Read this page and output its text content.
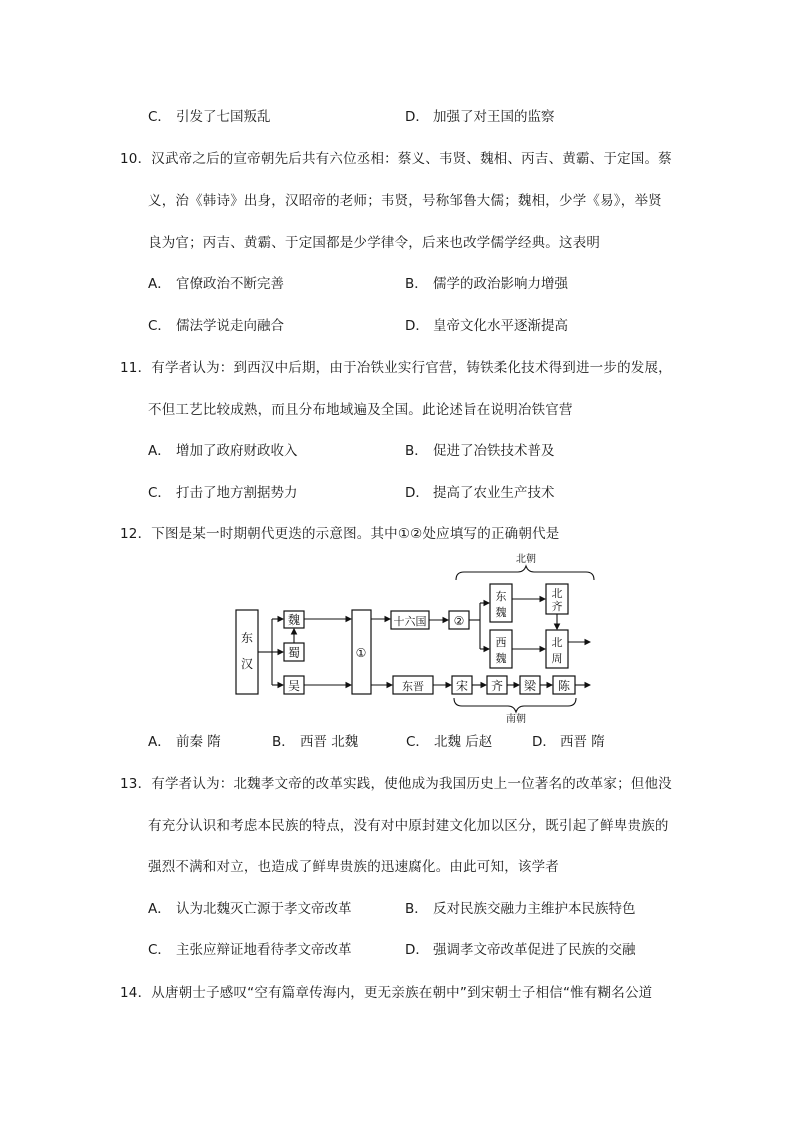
C． 引发了七国叛乱	D． 加强了对王国的监察
10．汉武帝之后的宣帝朝先后共有六位丞相：蔡义、韦贤、魏相、丙吉、黄霸、于定国。蔡
义，治《韩诗》出身，汉昭帝的老师；韦贤，号称邹鲁大儒；魏相，少学《易》，举贤
良为官；丙吉、黄霸、于定国都是少学律令，后来也改学儒学经典。这表明
A． 官僚政治不断完善	B． 儒学的政治影响力增强
C． 儒法学说走向融合	D． 皇帝文化水平逐渐提高
11．有学者认为：到西汉中后期，由于冶铁业实行官营，铸铁柔化技术得到进一步的发展，
不但工艺比较成熟，而且分布地域遍及全国。此论述旨在说明冶铁官营
A． 增加了政府财政收入	B． 促进了冶铁技术普及
C． 打击了地方割据势力	D． 提高了农业生产技术
12．下图是某一时期朝代更迭的示意图。其中①②处应填写的正确朝代是
东
汉
魏
蜀
吴
①
十六国 ②
东晋
北朝
南朝
东
魏
西
魏
北
齐
北
周
宋 齐 梁 陈
A． 前秦 隋	B． 西晋 北魏	C． 北魏 后赵	D． 西晋 隋
13．有学者认为：北魏孝文帝的改革实践，使他成为我国历史上一位著名的改革家；但他没
有充分认识和考虑本民族的特点，没有对中原封建文化加以区分，既引起了鲜卑贵族的
强烈不满和对立，也造成了鲜卑贵族的迅速腐化。由此可知，该学者
A． 认为北魏灭亡源于孝文帝改革	B． 反对民族交融力主维护本民族特色
C． 主张应辩证地看待孝文帝改革	D． 强调孝文帝改革促进了民族的交融
14．从唐朝士子感叹“空有篇章传海内，更无亲族在朝中”到宋朝士子相信“惟有糊名公道
